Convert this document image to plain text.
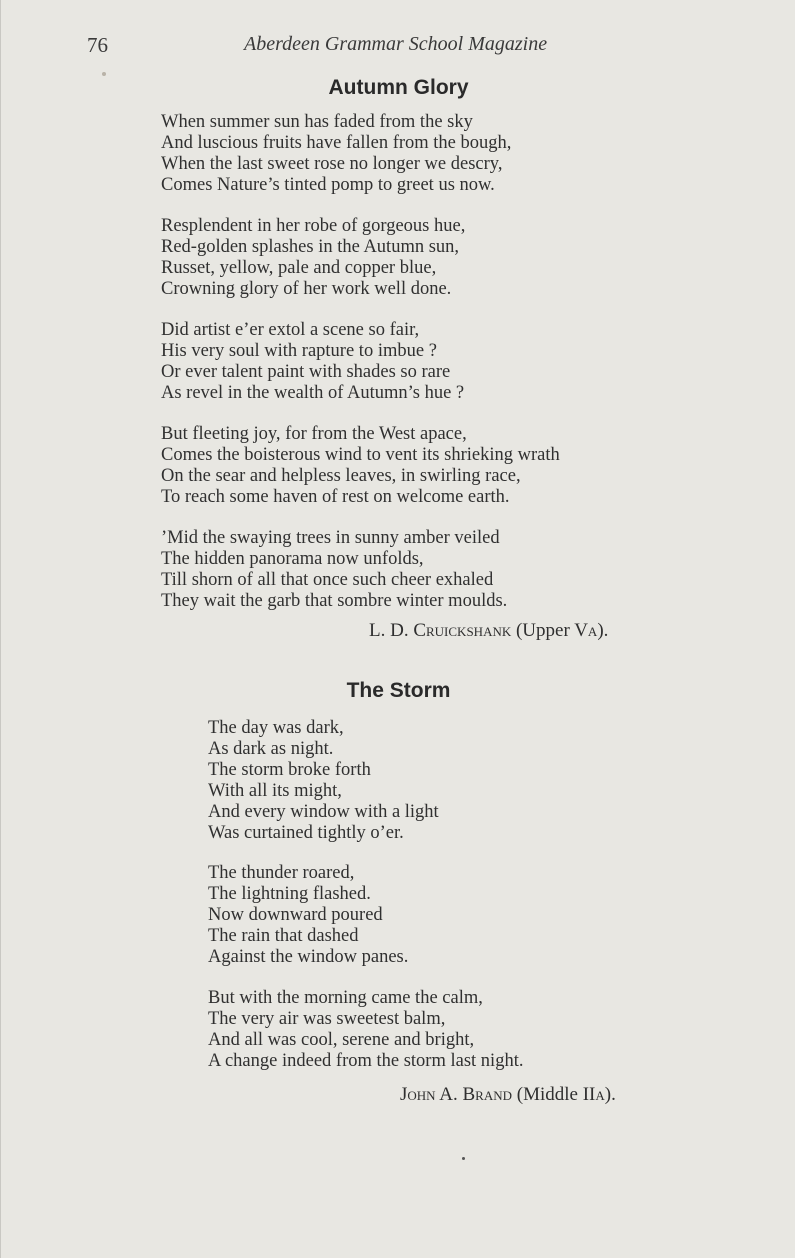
76	Aberdeen Grammar School Magazine
Autumn Glory
When summer sun has faded from the sky
And luscious fruits have fallen from the bough,
When the last sweet rose no longer we descry,
Comes Nature’s tinted pomp to greet us now.
Resplendent in her robe of gorgeous hue,
Red-golden splashes in the Autumn sun,
Russet, yellow, pale and copper blue,
Crowning glory of her work well done.
Did artist e’er extol a scene so fair,
His very soul with rapture to imbue ?
Or ever talent paint with shades so rare
As revel in the wealth of Autumn’s hue ?
But fleeting joy, for from the West apace,
Comes the boisterous wind to vent its shrieking wrath
On the sear and helpless leaves, in swirling race,
To reach some haven of rest on welcome earth.
’Mid the swaying trees in sunny amber veiled
The hidden panorama now unfolds,
Till shorn of all that once such cheer exhaled
They wait the garb that sombre winter moulds.
L. D. Cruickshank (Upper Va).
The Storm
The day was dark,
As dark as night.
The storm broke forth
With all its might,
And every window with a light
Was curtained tightly o’er.
The thunder roared,
The lightning flashed.
Now downward poured
The rain that dashed
Against the window panes.
But with the morning came the calm,
The very air was sweetest balm,
And all was cool, serene and bright,
A change indeed from the storm last night.
John A. Brand (Middle IIa).
